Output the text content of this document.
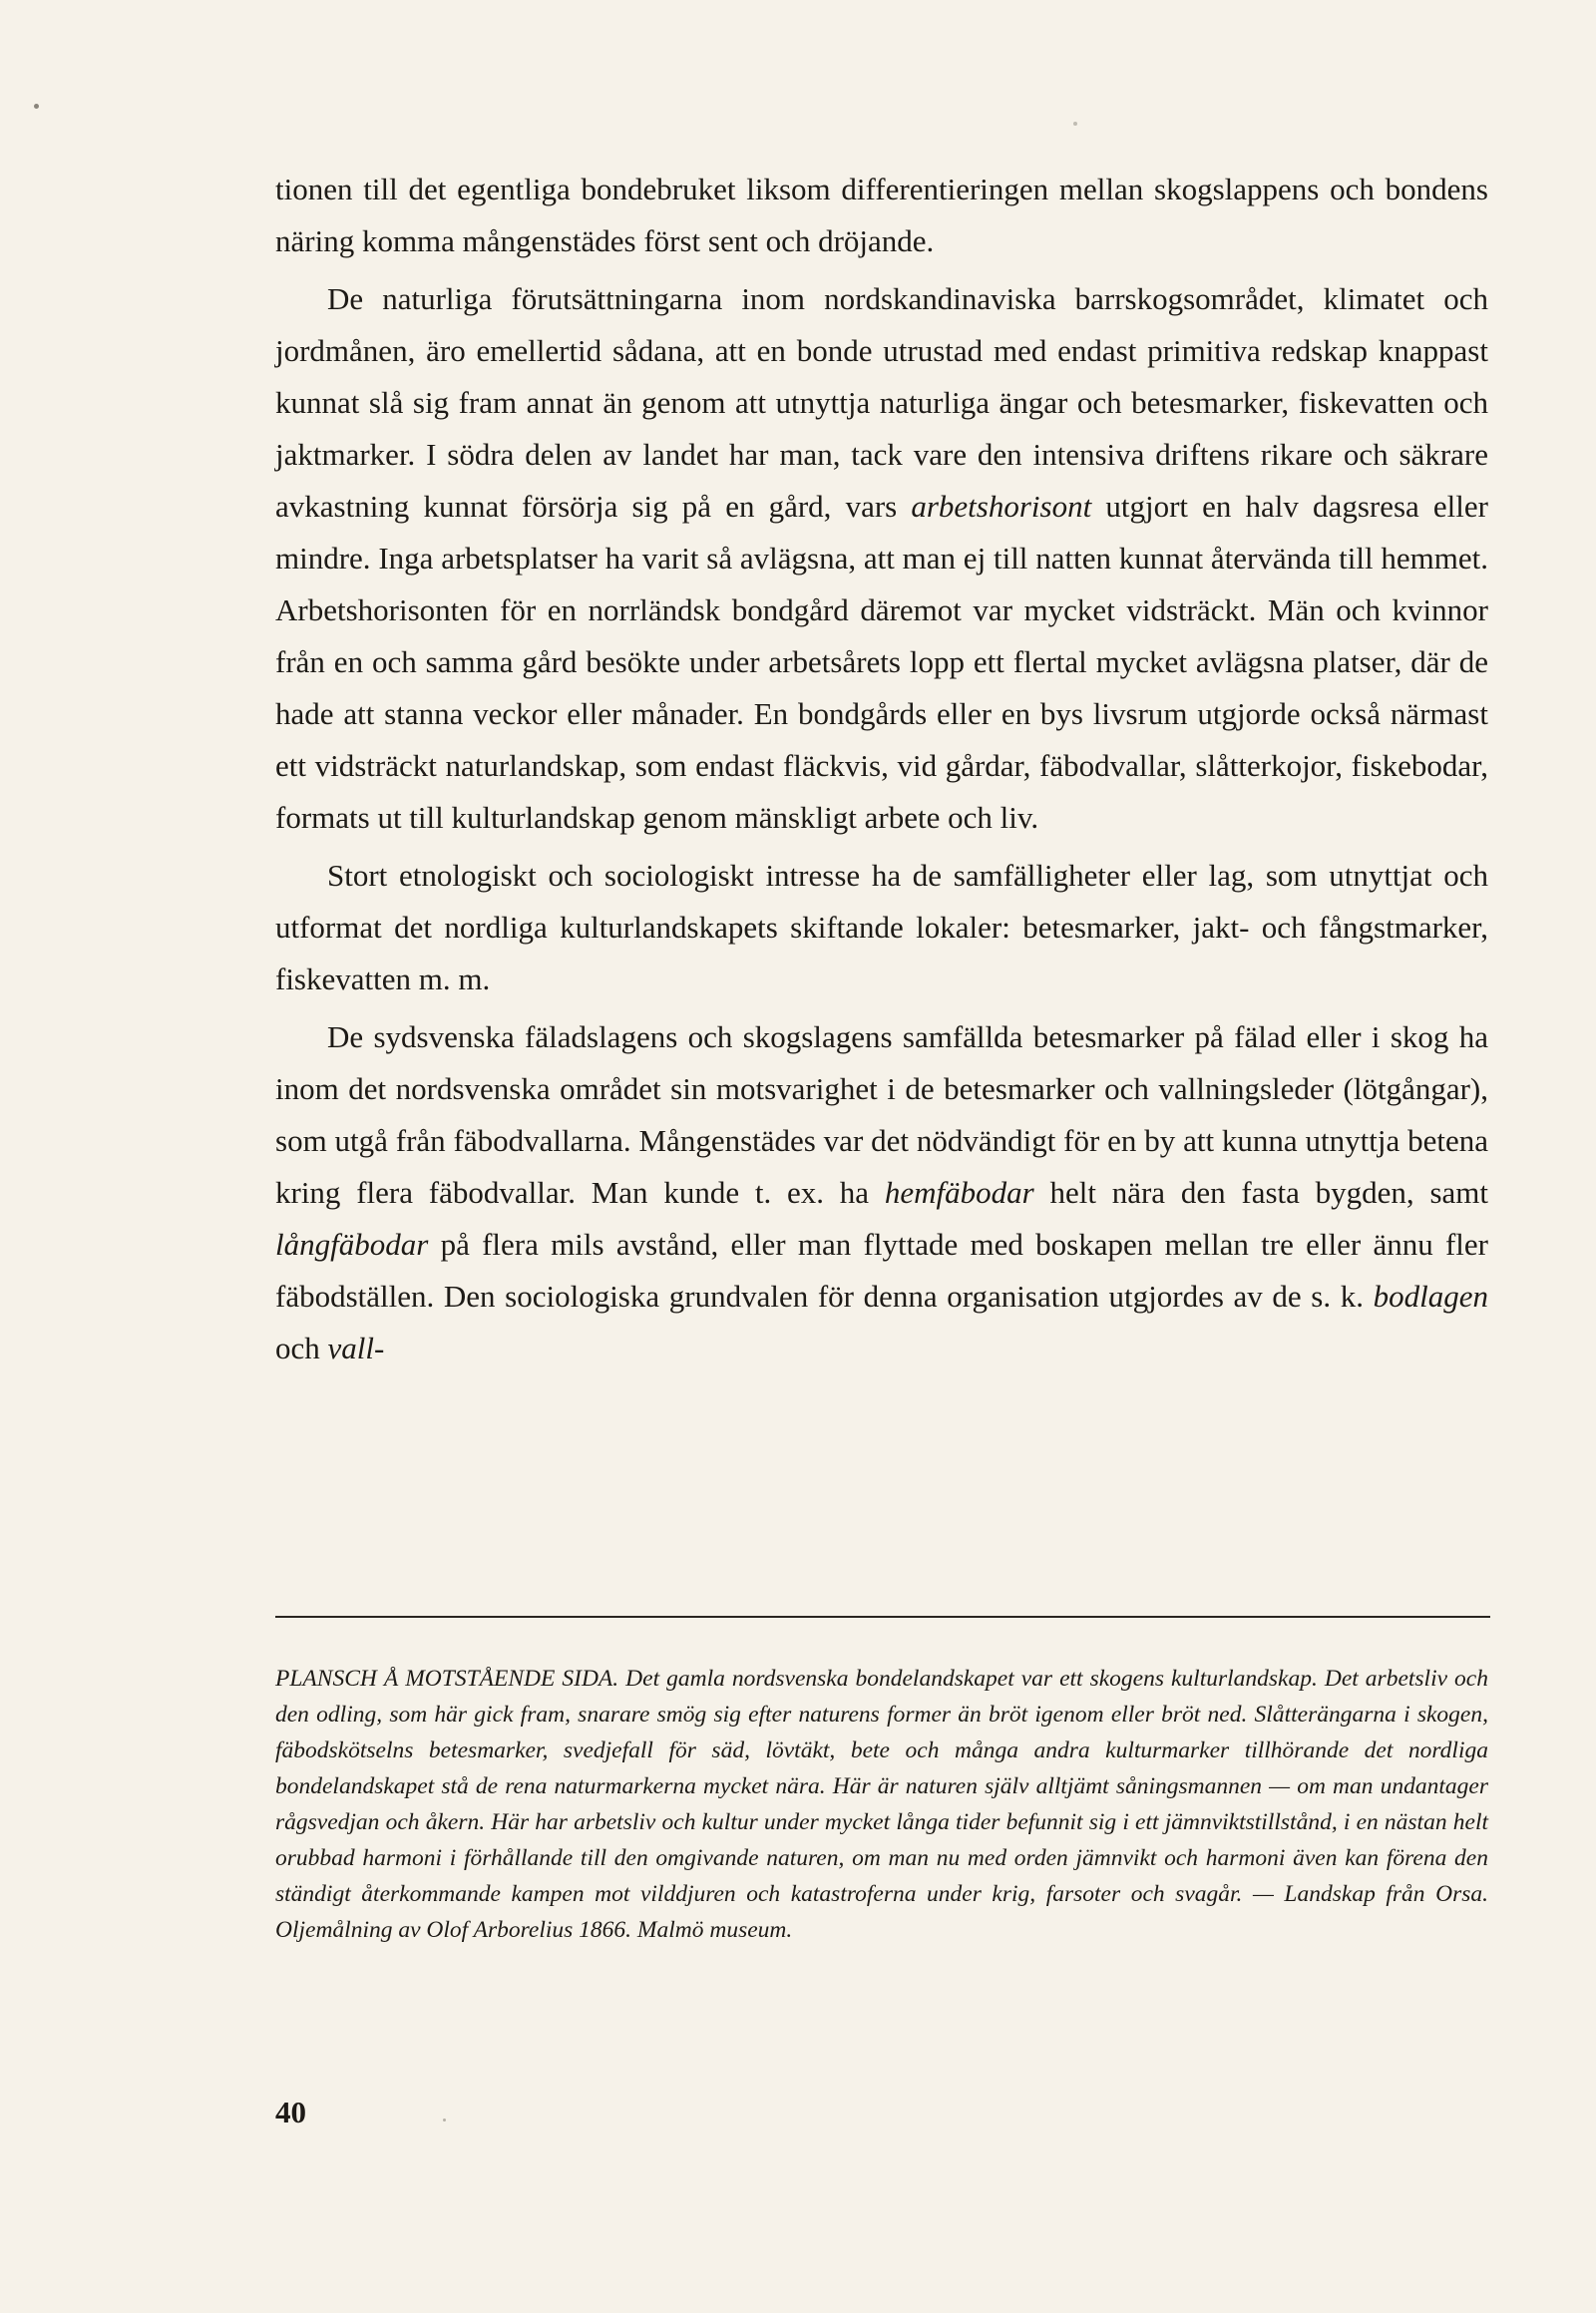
tionen till det egentliga bondebruket liksom differentieringen mellan skogslappens och bondens näring komma mångenstädes först sent och dröjande.

De naturliga förutsättningarna inom nordskandinaviska barrskogsområdet, klimatet och jordmånen, äro emellertid sådana, att en bonde utrustad med endast primitiva redskap knappast kunnat slå sig fram annat än genom att utnyttja naturliga ängar och betesmarker, fiskevatten och jaktmarker. I södra delen av landet har man, tack vare den intensiva driftens rikare och säkrare avkastning kunnat försörja sig på en gård, vars arbetshorisont utgjort en halv dagsresa eller mindre. Inga arbetsplatser ha varit så avlägsna, att man ej till natten kunnat återvända till hemmet. Arbetshorisonten för en norrländsk bondgård däremot var mycket vidsträckt. Män och kvinnor från en och samma gård besökte under arbetsårets lopp ett flertal mycket avlägsna platser, där de hade att stanna veckor eller månader. En bondgårds eller en bys livsrum utgjorde också närmast ett vidsträckt naturlandskap, som endast fläckvis, vid gårdar, fäbodvallar, slåtterkojor, fiskebodar, formats ut till kulturlandskap genom mänskligt arbete och liv.

Stort etnologiskt och sociologiskt intresse ha de samfälligheter eller lag, som utnyttjat och utformat det nordliga kulturlandskapets skiftande lokaler: betesmarker, jakt- och fångstmarker, fiskevatten m. m.

De sydsvenska fäladslagens och skogslagens samfällda betesmarker på fälad eller i skog ha inom det nordsvenska området sin motsvarighet i de betesmarker och vallningsleder (lötgångar), som utgå från fäbodvallarna. Mångenstädes var det nödvändigt för en by att kunna utnyttja betena kring flera fäbodvallar. Man kunde t. ex. ha hemfäbodar helt nära den fasta bygden, samt långfäbodar på flera mils avstånd, eller man flyttade med boskapen mellan tre eller ännu fler fäbodställen. Den sociologiska grundvalen för denna organisation utgjordes av de s. k. bodlagen och vall-

PLANSCH Å MOTSTÅENDE SIDA. Det gamla nordsvenska bondelandskapet var ett skogens kulturlandskap. Det arbetsliv och den odling, som här gick fram, snarare smög sig efter naturens former än bröt igenom eller bröt ned. Slåtterängarna i skogen, fäbodskötselns betesmarker, svedjefall för säd, lövtäkt, bete och många andra kulturmarker tillhörande det nordliga bondelandskapet stå de rena naturmarkerna mycket nära. Här är naturen själv alltjämt såningsmannen — om man undantager rågsvedjan och åkern. Här har arbetsliv och kultur under mycket långa tider befunnit sig i ett jämnviktstillstånd, i en nästan helt orubbad harmoni i förhållande till den omgivande naturen, om man nu med orden jämnvikt och harmoni även kan förena den ständigt återkommande kampen mot vilddjuren och katastroferna under krig, farsoter och svagår. — Landskap från Orsa. Oljemålning av Olof Arborelius 1866. Malmö museum.

40
